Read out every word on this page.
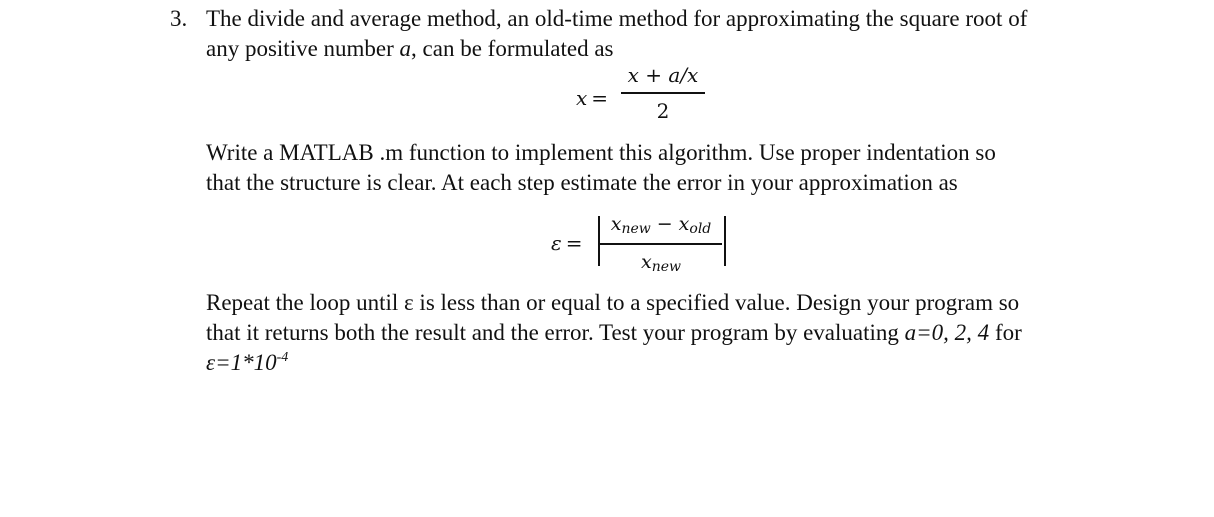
3. The divide and average method, an old-time method for approximating the square root of

any positive number a, can be formulated as

x =
x + a/x
2

Write a MATLAB .m function to implement this algorithm. Use proper indentation so

that the structure is clear. At each step estimate the error in your approximation as

ε =
$x_{new} - x_{old}$
$x_{new}$

Repeat the loop until ε is less than or equal to a specified value. Design your program so

that it returns both the result and the error. Test your program by evaluating a=0, 2, 4 for

$\varepsilon=1*10^{-4}$
